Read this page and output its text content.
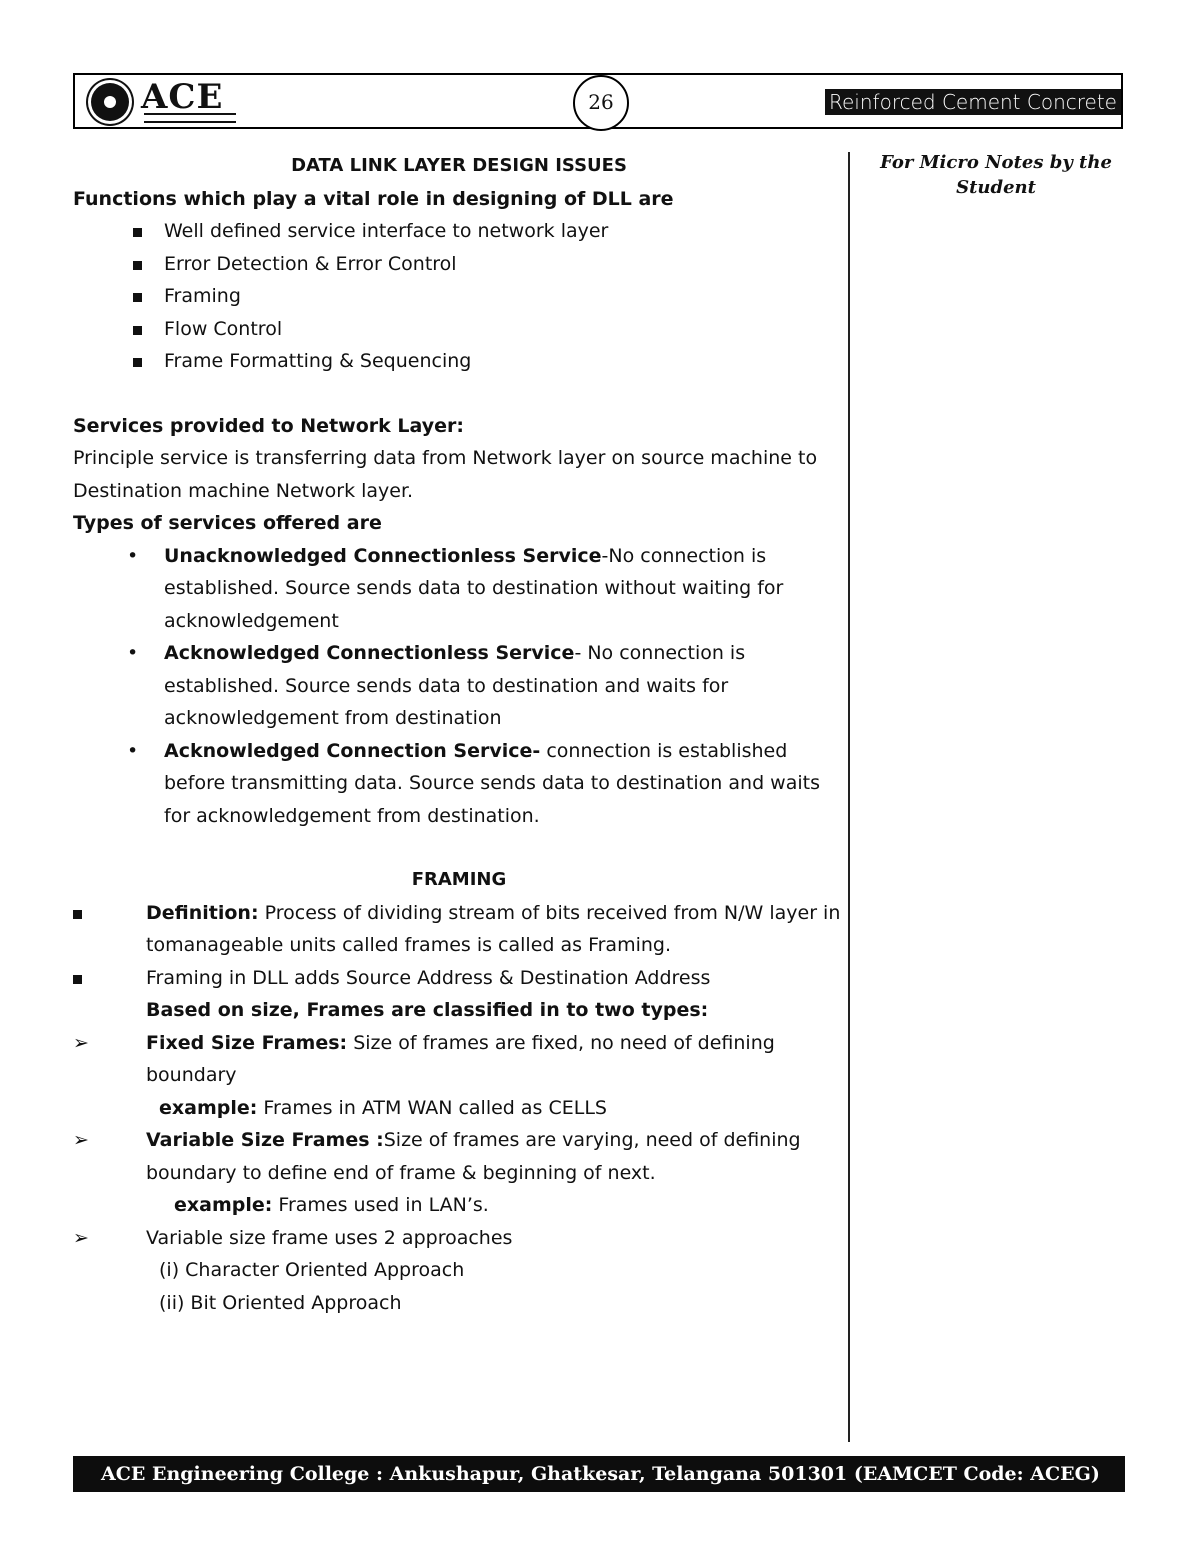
ACE	26	Reinforced Cement Concrete
For Micro Notes by the Student
DATA LINK LAYER DESIGN ISSUES
Functions which play a vital role in designing of DLL are
Well defined service interface to network layer
Error Detection & Error Control
Framing
Flow Control
Frame Formatting & Sequencing
Services provided to Network Layer:

Principle service is transferring data from Network layer on source machine to Destination machine Network layer.

Types of services offered are
• Unacknowledged Connectionless Service-No connection is established. Source sends data to destination without waiting for acknowledgement
• Acknowledged Connectionless Service- No connection is established. Source sends data to destination and waits for acknowledgement from destination
• Acknowledged Connection Service- connection is established before transmitting data. Source sends data to destination and waits for acknowledgement from destination.
FRAMING
Definition: Process of dividing stream of bits received from N/W layer in tomanageable units called frames is called as Framing.
Framing in DLL adds Source Address & Destination Address
Based on size, Frames are classified in to two types:
➢	Fixed Size Frames: Size of frames are fixed, no need of defining boundary
example: Frames in ATM WAN called as CELLS
➢	Variable Size Frames :Size of frames are varying, need of defining boundary to define end of frame & beginning of next.
example: Frames used in LAN’s.
➢	Variable size frame uses 2 approaches
(i) Character Oriented Approach
(ii) Bit Oriented Approach
ACE Engineering College : Ankushapur, Ghatkesar, Telangana 501301 (EAMCET Code: ACEG)
